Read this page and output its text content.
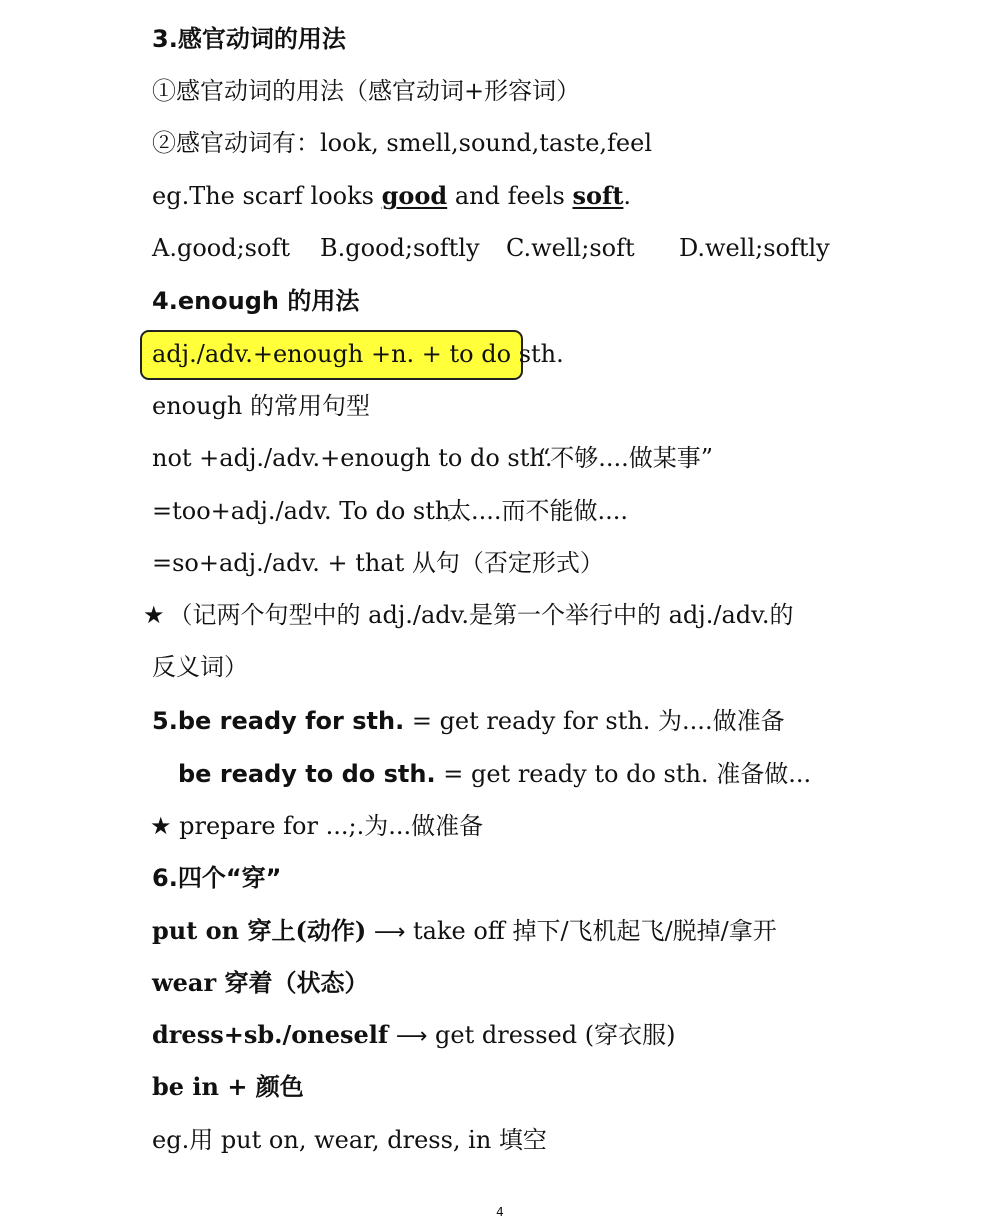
3.感官动词的用法
①感官动词的用法（感官动词+形容词）
②感官动词有：look, smell,sound,taste,feel
eg.The scarf looks good and feels soft.
A.good;soft B.good;softly C.well;soft D.well;softly
4.enough 的用法
adj./adv.+enough +n. + to do sth.
enough 的常用句型
not +adj./adv.+enough to do sth.
“不够....做某事”
=too+adj./adv. To do sth.
太....而不能做....
=so+adj./adv. + that 从句（否定形式）
★ （记两个句型中的 adj./adv.是第一个举行中的 adj./adv.的
反义词）
5.be ready for sth. = get ready for sth. 为....做准备
be ready to do sth. = get ready to do sth. 准备做...
★ prepare for ...;.为...做准备
6.四个“穿”
put on 穿上(动作) ⟶ take off 掉下/飞机起飞/脱掉/拿开
wear 穿着（状态）
dress+sb./oneself ⟶ get dressed (穿衣服)
be in + 颜色
eg.用 put on, wear, dress, in 填空
4
